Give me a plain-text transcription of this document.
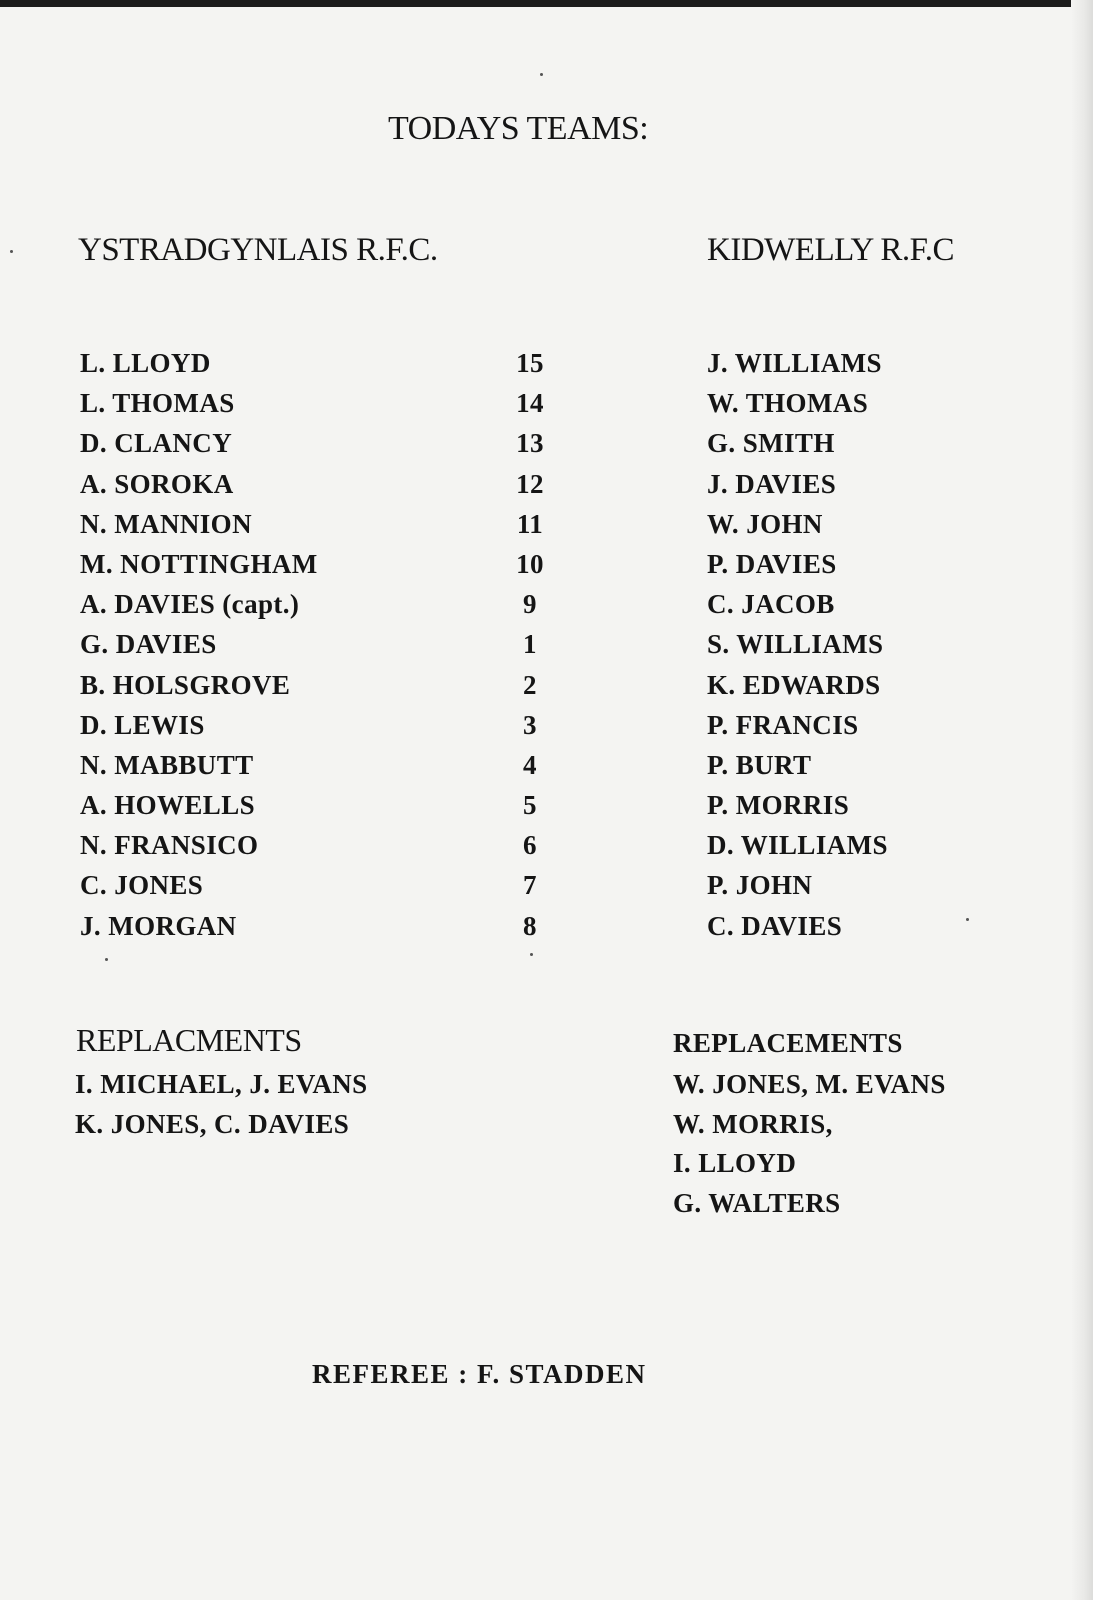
TODAYS TEAMS:
YSTRADGYNLAIS R.F.C.	KIDWELLY R.F.C
L. LLOYD
L. THOMAS
D. CLANCY
A. SOROKA
N. MANNION
M. NOTTINGHAM
A. DAVIES (capt.)
G. DAVIES
B. HOLSGROVE
D. LEWIS
N. MABBUTT
A. HOWELLS
N. FRANSICO
C. JONES
J. MORGAN
15
14
13
12
11
10
9
1
2
3
4
5
6
7
8
J. WILLIAMS
W. THOMAS
G. SMITH
J. DAVIES
W. JOHN
P. DAVIES
C. JACOB
S. WILLIAMS
K. EDWARDS
P. FRANCIS
P. BURT
P. MORRIS
D. WILLIAMS
P. JOHN
C. DAVIES
REPLACMENTS
I. MICHAEL, J. EVANS
K. JONES, C. DAVIES
REPLACEMENTS
W. JONES, M. EVANS
W. MORRIS,
I. LLOYD
G. WALTERS
REFEREE : F. STADDEN
